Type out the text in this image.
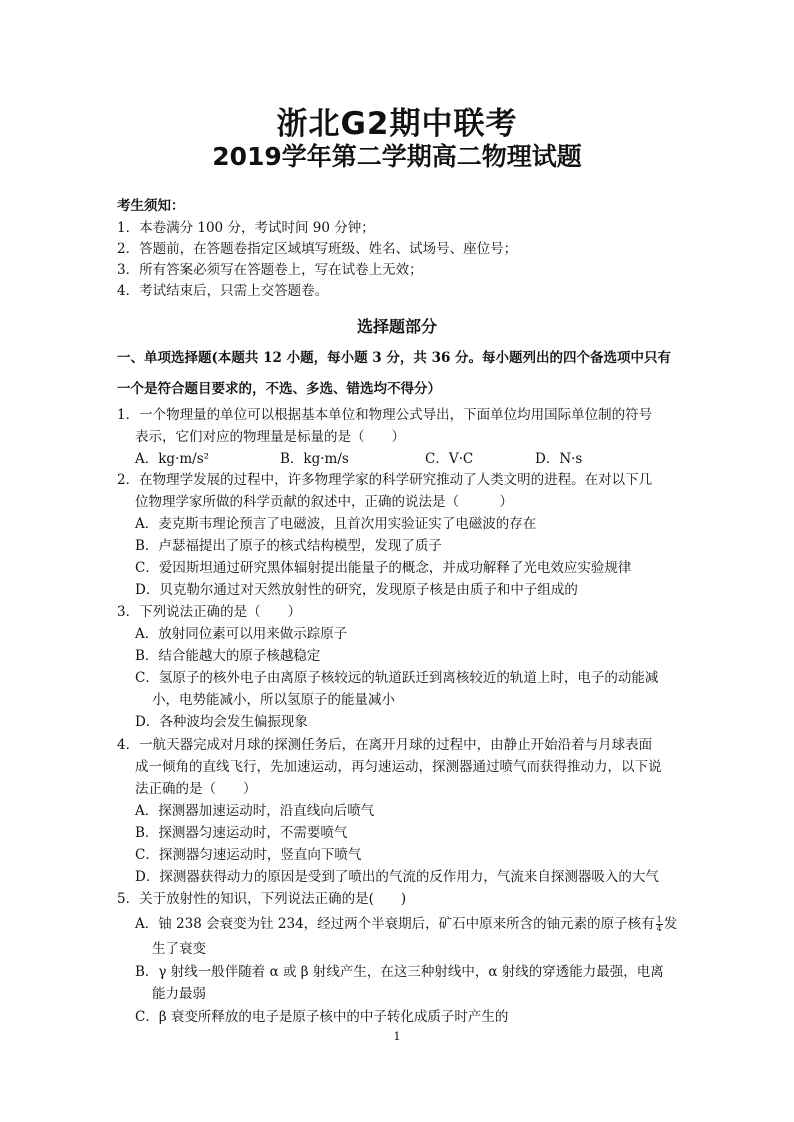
浙北G2期中联考
2019学年第二学期高二物理试题
考生须知：
1．本卷满分 100 分，考试时间 90 分钟；
2．答题前，在答题卷指定区域填写班级、姓名、试场号、座位号；
3．所有答案必须写在答题卷上，写在试卷上无效；
4．考试结束后，只需上交答题卷。
选择题部分
一、单项选择题(本题共 12 小题，每小题 3 分，共 36 分。每小题列出的四个备选项中只有
一个是符合题目要求的，不选、多选、错选均不得分）
1．一个物理量的单位可以根据基本单位和物理公式导出，下面单位均用国际单位制的符号
表示，它们对应的物理量是标量的是（　　）
A．kg·m/s²	B．kg·m/s	C．V·C	D．N·s
2．在物理学发展的过程中，许多物理学家的科学研究推动了人类文明的进程。在对以下几
位物理学家所做的科学贡献的叙述中，正确的说法是（　　　）
A．麦克斯韦理论预言了电磁波，且首次用实验证实了电磁波的存在
B．卢瑟福提出了原子的核式结构模型，发现了质子
C．爱因斯坦通过研究黑体辐射提出能量子的概念，并成功解释了光电效应实验规律
D．贝克勒尔通过对天然放射性的研究，发现原子核是由质子和中子组成的
3．下列说法正确的是（　　）
A．放射同位素可以用来做示踪原子
B．结合能越大的原子核越稳定
C．氢原子的核外电子由离原子核较远的轨道跃迁到离核较近的轨道上时，电子的动能减
小，电势能减小，所以氢原子的能量减小
D．各种波均会发生偏振现象
4．一航天器完成对月球的探测任务后，在离开月球的过程中，由静止开始沿着与月球表面
成一倾角的直线飞行，先加速运动，再匀速运动，探测器通过喷气而获得推动力，以下说
法正确的是（　　）
A．探测器加速运动时，沿直线向后喷气
B．探测器匀速运动时，不需要喷气
C．探测器匀速运动时，竖直向下喷气
D．探测器获得动力的原因是受到了喷出的气流的反作用力，气流来自探测器吸入的大气
5．关于放射性的知识，下列说法正确的是(　　)
A．铀 238 会衰变为钍 234，经过两个半衰期后，矿石中原来所含的铀元素的原子核有 $\frac{1}{4}$ 发
生了衰变
B．γ 射线一般伴随着 α 或 β 射线产生，在这三种射线中，α 射线的穿透能力最强，电离
能力最弱
C．β 衰变所释放的电子是原子核中的中子转化成质子时产生的
1
